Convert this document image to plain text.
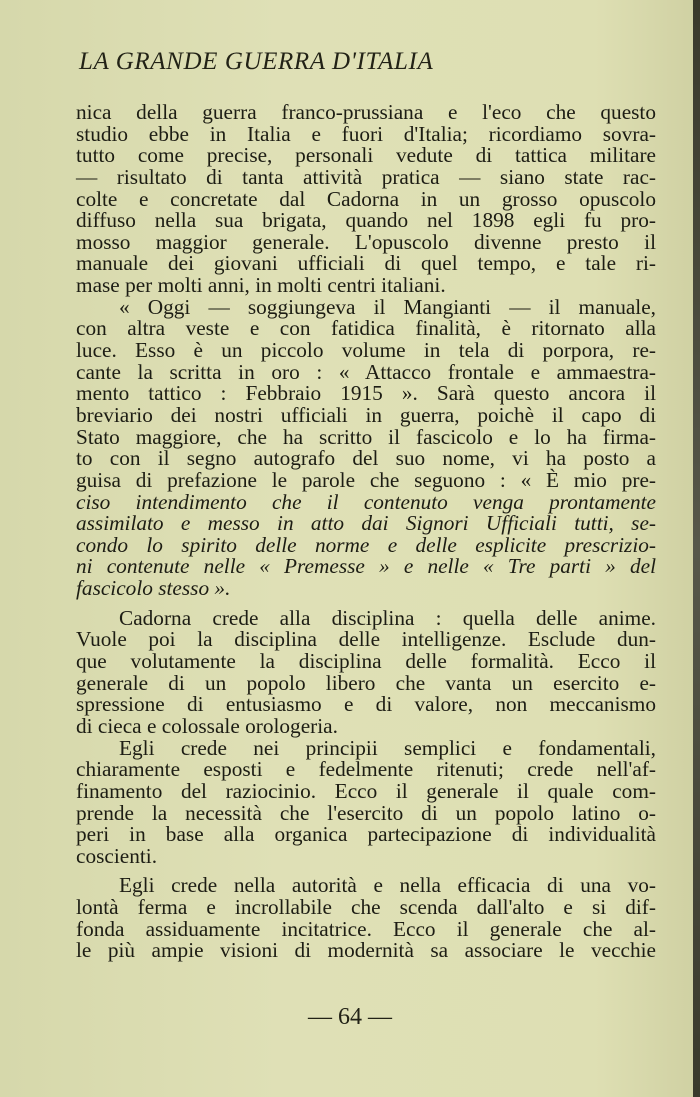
LA GRANDE GUERRA D'ITALIA
nica della guerra franco-prussiana e l'eco che questo
studio ebbe in Italia e fuori d'Italia; ricordiamo sovra-
tutto come precise, personali vedute di tattica militare
— risultato di tanta attività pratica — siano state rac-
colte e concretate dal Cadorna in un grosso opuscolo
diffuso nella sua brigata, quando nel 1898 egli fu pro-
mosso maggior generale. L'opuscolo divenne presto il
manuale dei giovani ufficiali di quel tempo, e tale ri-
mase per molti anni, in molti centri italiani.
« Oggi — soggiungeva il Mangianti — il manuale,
con altra veste e con fatidica finalità, è ritornato alla
luce. Esso è un piccolo volume in tela di porpora, re-
cante la scritta in oro : « Attacco frontale e ammaestra-
mento tattico : Febbraio 1915 ». Sarà questo ancora il
breviario dei nostri ufficiali in guerra, poichè il capo di
Stato maggiore, che ha scritto il fascicolo e lo ha firma-
to con il segno autografo del suo nome, vi ha posto a
guisa di prefazione le parole che seguono : « È mio pre-
ciso intendimento che il contenuto venga prontamente
assimilato e messo in atto dai Signori Ufficiali tutti, se-
condo lo spirito delle norme e delle esplicite prescrizio-
ni contenute nelle « Premesse » e nelle « Tre parti » del
fascicolo stesso ».
Cadorna crede alla disciplina : quella delle anime.
Vuole poi la disciplina delle intelligenze. Esclude dun-
que volutamente la disciplina delle formalità. Ecco il
generale di un popolo libero che vanta un esercito e-
spressione di entusiasmo e di valore, non meccanismo
di cieca e colossale orologeria.
Egli crede nei principii semplici e fondamentali,
chiaramente esposti e fedelmente ritenuti; crede nell'af-
finamento del raziocinio. Ecco il generale il quale com-
prende la necessità che l'esercito di un popolo latino o-
peri in base alla organica partecipazione di individualità
coscienti.
Egli crede nella autorità e nella efficacia di una vo-
lontà ferma e incrollabile che scenda dall'alto e si dif-
fonda assiduamente incitatrice. Ecco il generale che al-
le più ampie visioni di modernità sa associare le vecchie
— 64 —
